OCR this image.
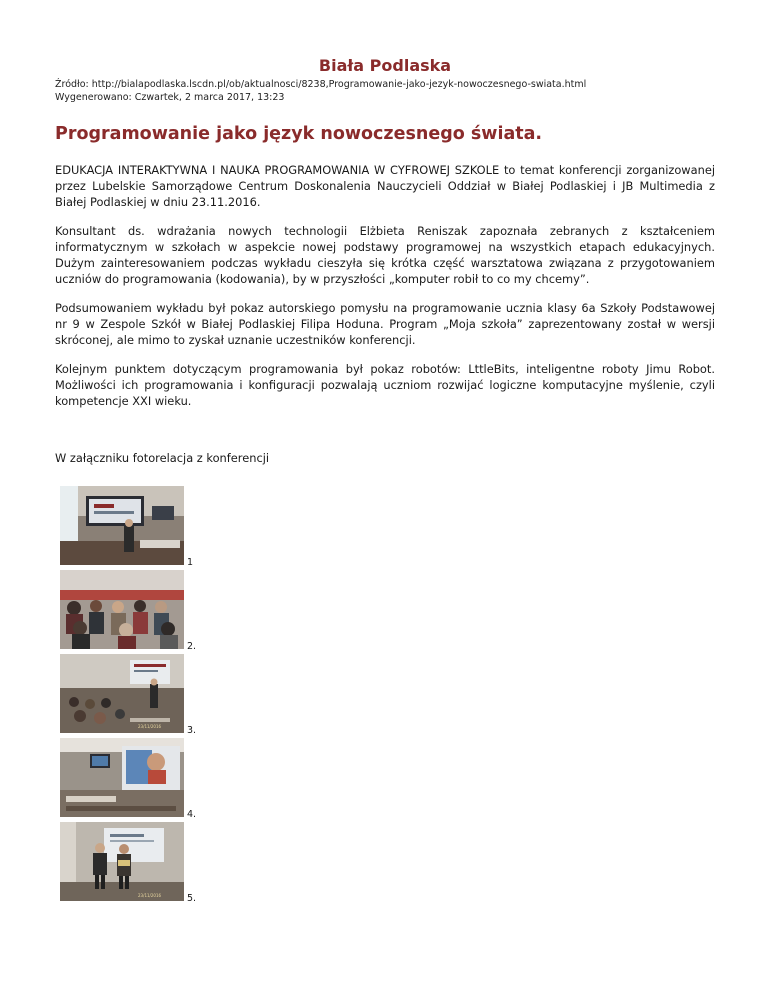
Biała Podlaska
Źródło: http://bialapodlaska.lscdn.pl/ob/aktualnosci/8238,Programowanie-jako-jezyk-nowoczesnego-swiata.html
Wygenerowano: Czwartek, 2 marca 2017, 13:23
Programowanie jako język nowoczesnego świata.

EDUKACJA INTERAKTYWNA I NAUKA PROGRAMOWANIA W CYFROWEJ SZKOLE to temat konferencji zorganizowanej przez Lubelskie Samorządowe Centrum Doskonalenia Nauczycieli Oddział w Białej Podlaskiej i JB Multimedia z Białej Podlaskiej w dniu 23.11.2016.

Konsultant ds. wdrażania nowych technologii Elżbieta Reniszak zapoznała zebranych z kształceniem informatycznym w szkołach w aspekcie nowej podstawy programowej na wszystkich etapach edukacyjnych. Dużym zainteresowaniem podczas wykładu cieszyła się krótka część warsztatowa związana z przygotowaniem uczniów do programowania (kodowania), by w przyszłości „komputer robił to co my chcemy”.

Podsumowaniem wykładu był pokaz autorskiego pomysłu na programowanie ucznia klasy 6a Szkoły Podstawowej nr 9 w Zespole Szkół w Białej Podlaskiej Filipa Hoduna. Program „Moja szkoła” zaprezentowany został w wersji skróconej, ale mimo to zyskał uznanie uczestników konferencji.

Kolejnym punktem dotyczącym programowania był pokaz robotów: LttleBits, inteligentne roboty Jimu Robot. Możliwości ich programowania i konfiguracji pozwalają uczniom rozwijać logiczne komputacyjne myślenie, czyli kompetencje XXI wieku.

W załączniku fotorelacja z konferencji
1
2.
23/11/2016	3.
4.
23/11/2016	5.
